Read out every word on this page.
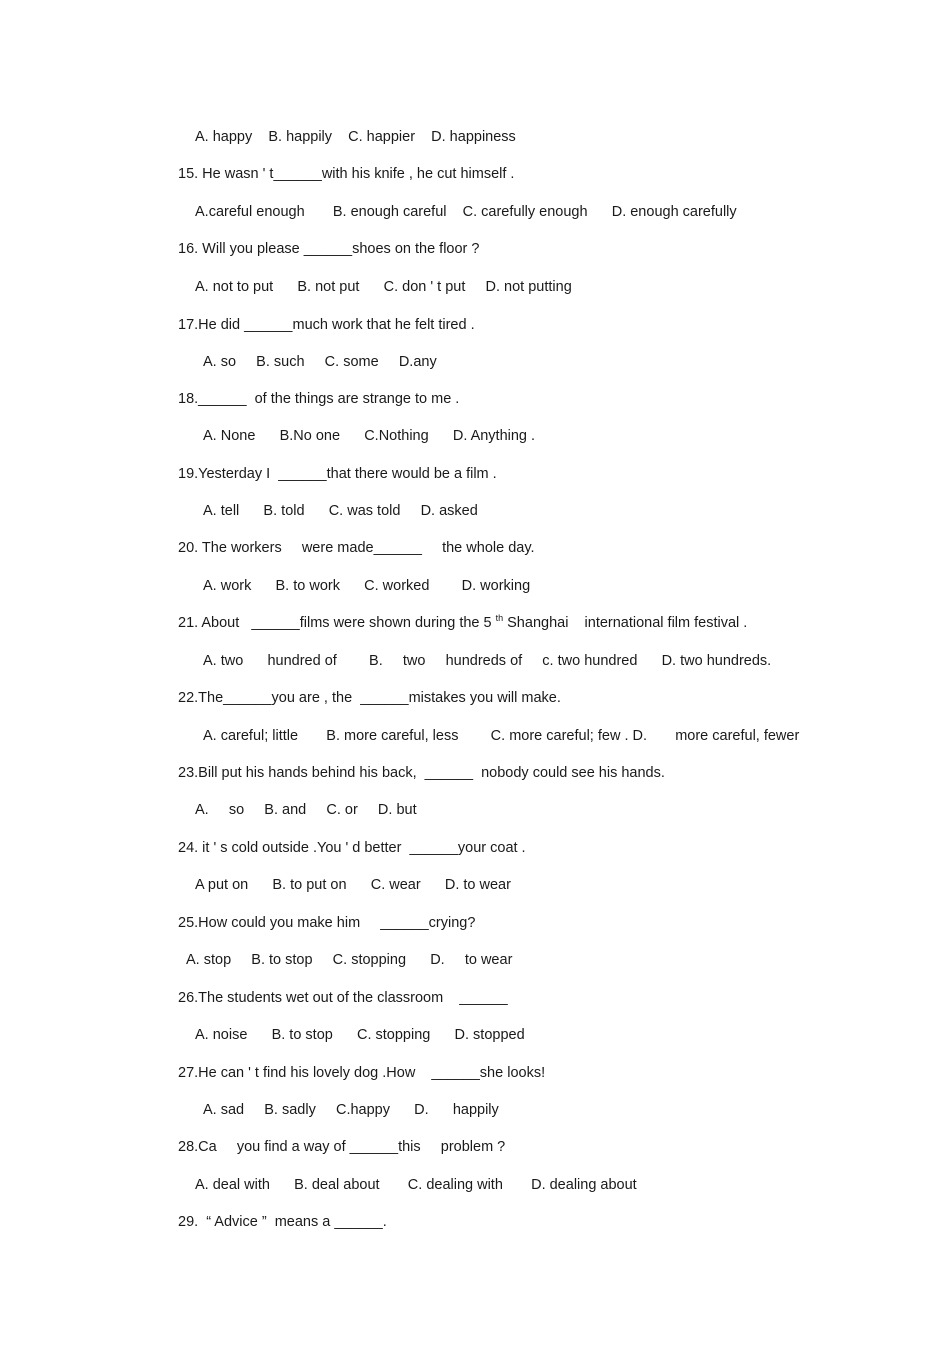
A. happy    B. happily    C. happier    D. happiness
15. He wasn ' t______with his knife , he cut himself .
A.careful enough       B. enough careful    C. carefully enough      D. enough carefully
16. Will you please ______shoes on the floor ?
A. not to put      B. not put      C. don ' t put     D. not putting
17.He did ______much work that he felt tired .
A. so     B. such     C. some     D.any
18.______  of the things are strange to me .
A. None      B.No one      C.Nothing      D. Anything .
19.Yesterday I  ______that there would be a film .
A. tell      B. told      C. was told     D. asked
20. The workers     were made______     the whole day.
A. work      B. to work      C. worked        D. working
21. About   ______films were shown during the 5 $^{th}$ Shanghai    international film festival .
A. two      hundred of        B.     two     hundreds of     c. two hundred      D. two hundreds.
22.The______you are , the  ______mistakes you will make.
A. careful; little       B. more careful, less        C. more careful; few . D.       more careful, fewer
23.Bill put his hands behind his back,  ______  nobody could see his hands.
A.     so     B. and     C. or     D. but
24. it ' s cold outside .You ' d better  ______your coat .
A put on      B. to put on      C. wear      D. to wear
25.How could you make him     ______crying?
A. stop     B. to stop     C. stopping      D.     to wear
26.The students wet out of the classroom    ______
A. noise      B. to stop      C. stopping      D. stopped
27.He can ' t find his lovely dog .How    ______she looks!
A. sad     B. sadly     C.happy      D.      happily
28.Ca     you find a way of ______this     problem ?
A. deal with      B. deal about       C. dealing with       D. dealing about
29.  “ Advice ”  means a ______.
